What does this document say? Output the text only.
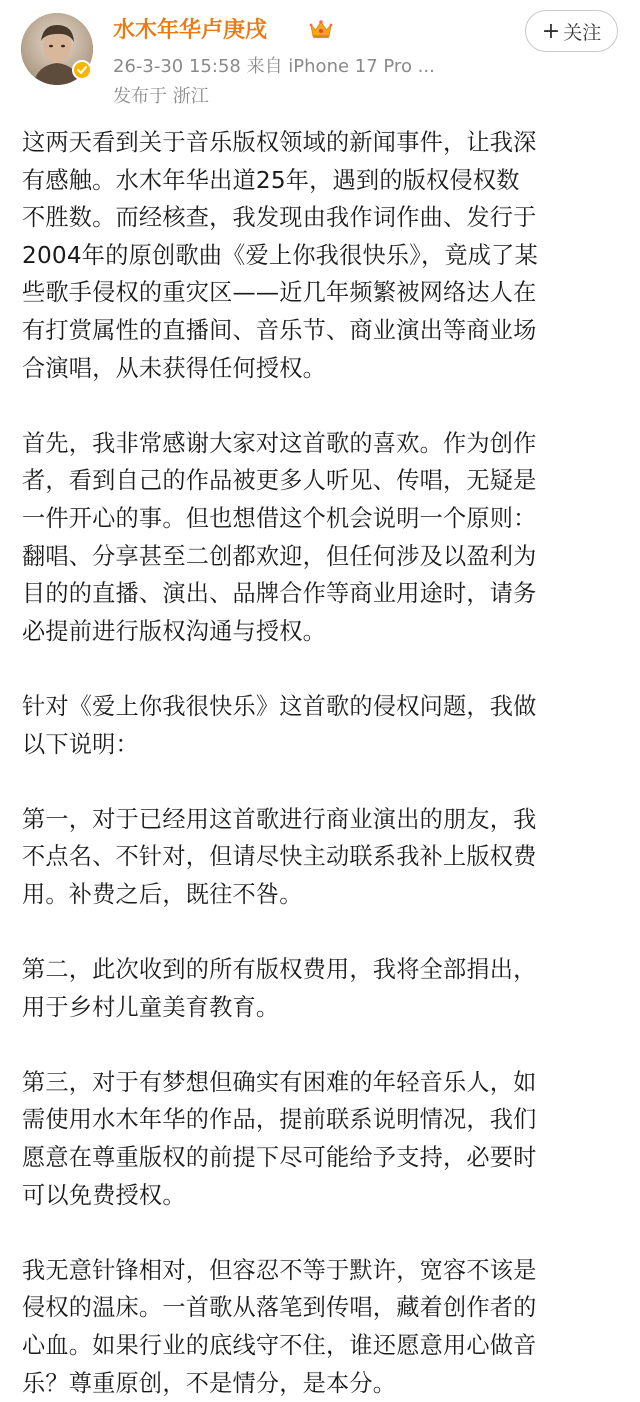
水木年华卢庚戌
26-3-30 15:58 来自 iPhone 17 Pro ...
发布于 浙江
+ 关注

这两天看到关于音乐版权领域的新闻事件，让我深
有感触。水木年华出道25年，遇到的版权侵权数
不胜数。而经核查，我发现由我作词作曲、发行于
2004年的原创歌曲《爱上你我很快乐》，竟成了某
些歌手侵权的重灾区——近几年频繁被网络达人在
有打赏属性的直播间、音乐节、商业演出等商业场
合演唱，从未获得任何授权。

首先，我非常感谢大家对这首歌的喜欢。作为创作
者，看到自己的作品被更多人听见、传唱，无疑是
一件开心的事。但也想借这个机会说明一个原则：
翻唱、分享甚至二创都欢迎，但任何涉及以盈利为
目的的直播、演出、品牌合作等商业用途时，请务
必提前进行版权沟通与授权。

针对《爱上你我很快乐》这首歌的侵权问题，我做
以下说明：

第一，对于已经用这首歌进行商业演出的朋友，我
不点名、不针对，但请尽快主动联系我补上版权费
用。补费之后，既往不咎。

第二，此次收到的所有版权费用，我将全部捐出，
用于乡村儿童美育教育。

第三，对于有梦想但确实有困难的年轻音乐人，如
需使用水木年华的作品，提前联系说明情况，我们
愿意在尊重版权的前提下尽可能给予支持，必要时
可以免费授权。

我无意针锋相对，但容忍不等于默许，宽容不该是
侵权的温床。一首歌从落笔到传唱，藏着创作者的
心血。如果行业的底线守不住，谁还愿意用心做音
乐？尊重原创，不是情分，是本分。
